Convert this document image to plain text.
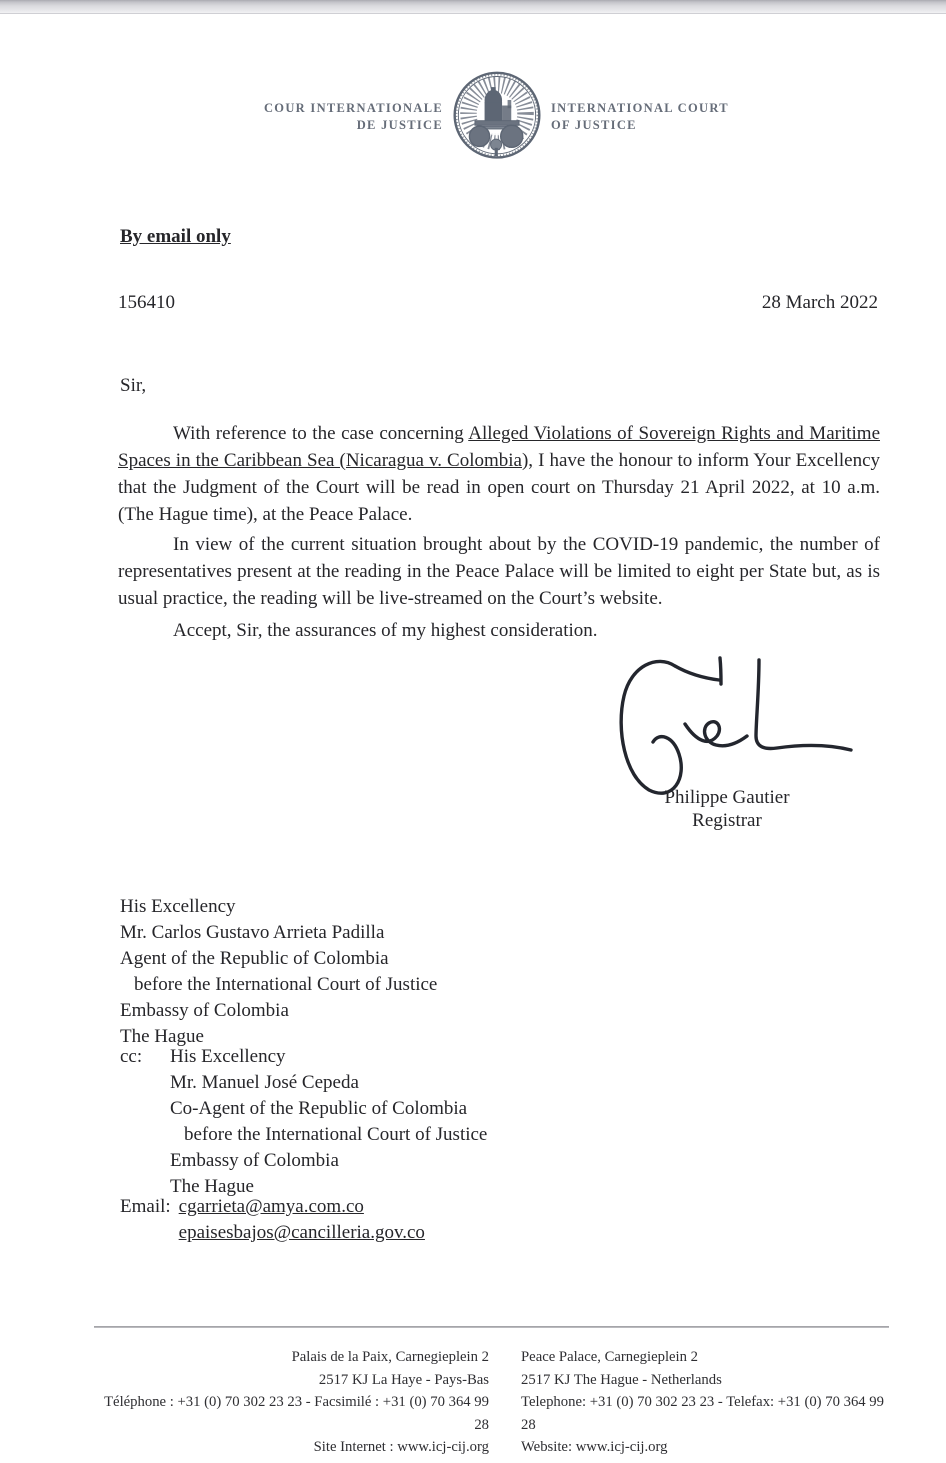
COUR INTERNATIONALE
DE JUSTICE
INTERNATIONAL COURT
OF JUSTICE
By email only
156410	28 March 2022
Sir,
With reference to the case concerning Alleged Violations of Sovereign Rights and Maritime Spaces in the Caribbean Sea (Nicaragua v. Colombia), I have the honour to inform Your Excellency that the Judgment of the Court will be read in open court on Thursday 21 April 2022, at 10 a.m. (The Hague time), at the Peace Palace.
In view of the current situation brought about by the COVID-19 pandemic, the number of representatives present at the reading in the Peace Palace will be limited to eight per State but, as is usual practice, the reading will be live-streamed on the Court’s website.
Accept, Sir, the assurances of my highest consideration.
Philippe Gautier
Registrar
His Excellency
Mr. Carlos Gustavo Arrieta Padilla
Agent of the Republic of Colombia
before the International Court of Justice
Embassy of Colombia
The Hague
cc:	His Excellency
Mr. Manuel José Cepeda
Co-Agent of the Republic of Colombia
before the International Court of Justice
Embassy of Colombia
The Hague
Email: cgarrieta@amya.com.co
epaisesbajos@cancilleria.gov.co
Palais de la Paix, Carnegieplein 2
2517 KJ La Haye - Pays-Bas
Téléphone : +31 (0) 70 302 23 23 - Facsimilé : +31 (0) 70 364 99 28
Site Internet : www.icj-cij.org
Peace Palace, Carnegieplein 2
2517 KJ The Hague - Netherlands
Telephone: +31 (0) 70 302 23 23 - Telefax: +31 (0) 70 364 99 28
Website: www.icj-cij.org
